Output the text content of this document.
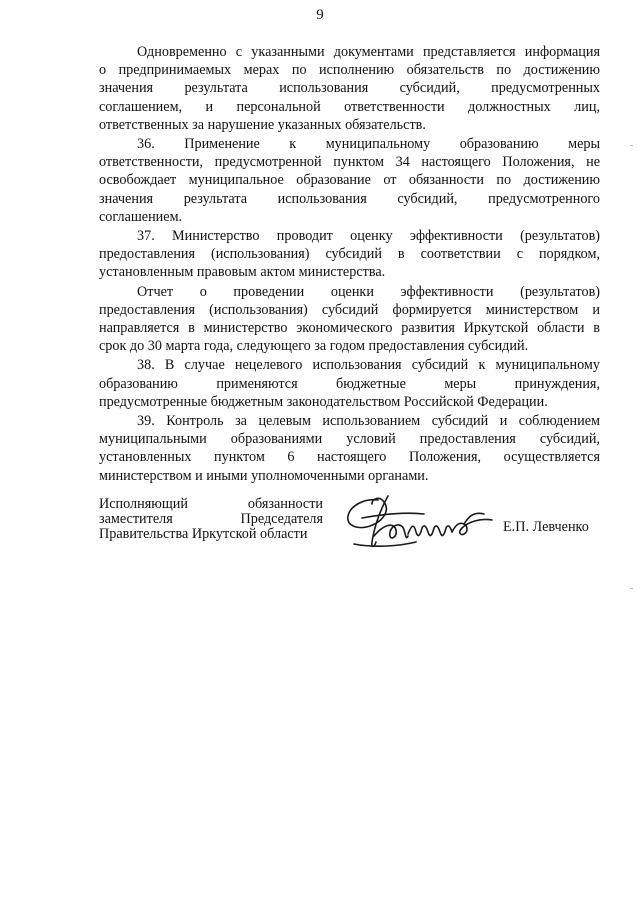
9
Одновременно с указанными документами представляется информация
о предпринимаемых мерах по исполнению обязательств по достижению
значения результата использования субсидий, предусмотренных
соглашением, и персональной ответственности должностных лиц,
ответственных за нарушение указанных обязательств.
36. Применение к муниципальному образованию меры
ответственности, предусмотренной пунктом 34 настоящего Положения, не
освобождает муниципальное образование от обязанности по достижению
значения результата использования субсидий, предусмотренного
соглашением.
37. Министерство проводит оценку эффективности (результатов)
предоставления (использования) субсидий в соответствии с порядком,
установленным правовым актом министерства.
Отчет о проведении оценки эффективности (результатов)
предоставления (использования) субсидий формируется министерством и
направляется в министерство экономического развития Иркутской области в
срок до 30 марта года, следующего за годом предоставления субсидий.
38. В случае нецелевого использования субсидий к муниципальному
образованию применяются бюджетные меры принуждения,
предусмотренные бюджетным законодательством Российской Федерации.
39. Контроль за целевым использованием субсидий и соблюдением
муниципальными образованиями условий предоставления субсидий,
установленных пунктом 6 настоящего Положения, осуществляется
министерством и иными уполномоченными органами.
Исполняющий обязанности
заместителя Председателя
Правительства Иркутской области	Е.П. Левченко
